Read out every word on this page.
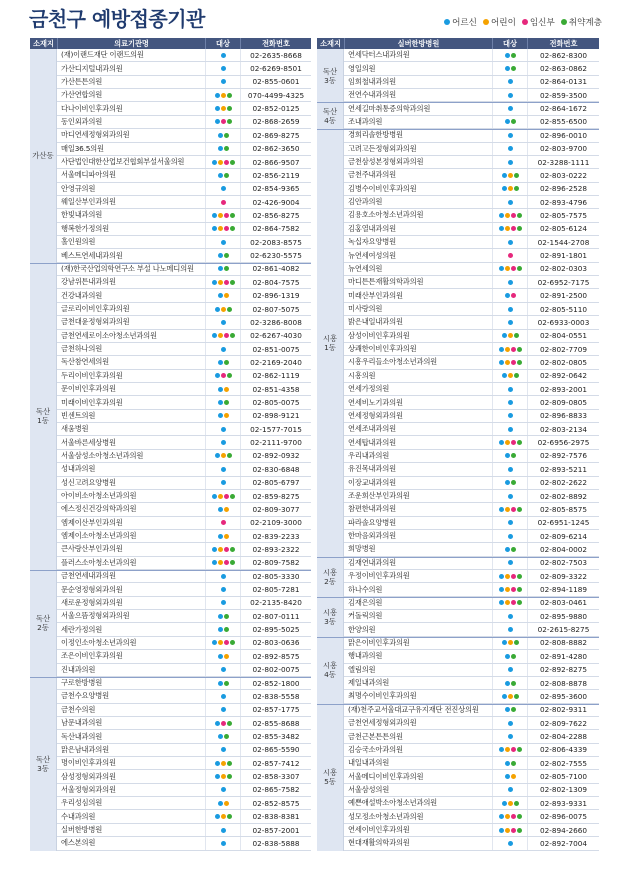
금천구 예방접종기관	어르신 어린이 임신부 취약계층
소재지	의료기관명	대상	전화번호
가산동
(재)이랜드재단 이랜드의원	02-2635-8668
가산디지털내과의원	02-6269-8501
가산튼튼의원	02-855-0601
가산연합의원	070-4499-4325
다나이비인후과의원	02-852-0125
동인외과의원	02-868-2659
마디연세정형외과의원	02-869-8275
매일36.5의원	02-862-3650
사단법인대한산업보건협회부설서울의원	02-866-9507
서울메디파아의원	02-856-2119
안영규의원	02-854-9365
웨일산부인과의원	02-426-9004
한빛내과의원	02-856-8275
행복한가정의원	02-864-7582
홀인원의원	02-2083-8575
베스트연세내과의원	02-6230-5575
독산
1동
(재)한국산업의학연구소 부설 나노메디의원	02-861-4082
강남위튼내과의원	02-804-7575
건강내과의원	02-896-1319
글로리이비인후과의원	02-807-5075
금천대윤정형외과의원	02-3286-8008
금천연세로이소아청소년과의원	02-6267-4030
금천하나의원	02-851-0075
독산참연세의원	02-2169-2040
두리이비인후과의원	02-862-1119
문이비인후과의원	02-851-4358
미래이비인후과의원	02-805-0075
빈센트의원	02-898-9121
새움병원	02-1577-7015
서울바른세상병원	02-2111-9700
서울삼성소아청소년과의원	02-892-0932
성내과의원	02-830-6848
성신고려요양병원	02-805-6797
아이비소아청소년과의원	02-859-8275
에스정신건강의학과의원	02-809-3077
엠제이산부인과의원	02-2109-3000
엠제이소아청소년과의원	02-839-2233
큰사랑산부인과의원	02-893-2322
플러스소아청소년과의원	02-809-7582
독산
2동
금천연세내과의원	02-805-3330
문순영정형외과의원	02-805-7281
새로운정형외과의원	02-2135-8420
서울으뜸정형외과의원	02-807-0111
세란가정의원	02-895-5025
이정인소아청소년과의원	02-803-0636
조은이비인후과의원	02-892-8575
진내과의원	02-802-0075
독산
3동
구로한방병원	02-852-1800
금천수요양병원	02-838-5558
금천수의원	02-857-1775
남문내과의원	02-855-8688
독산내과의원	02-855-3482
맑은남내과의원	02-865-5590
명이비인후과의원	02-857-7412
삼성정형외과의원	02-858-3307
서울정형외과의원	02-865-7582
우리성심의원	02-852-8575
수내과의원	02-838-8381
실버한방병원	02-857-2001
에스본의원	02-838-5888
소재지	실버한방병원	대상	전화번호
독산
3동
연세닥터스내과의원	02-862-8300
영일의원	02-863-0862
임희철내과의원	02-864-0131
전연수내과의원	02-859-3500
독산
4동
연세길마취통증의학과의원	02-864-1672
조내과의원	02-855-6500
시흥
1동
경희리솔한방병원	02-896-0010
고려고든정형외과의원	02-803-9700
금천삼성본정형외과의원	02-3288-1111
금천주내과의원	02-803-0222
김병수이비인후과의원	02-896-2528
김안과의원	02-893-4796
김용호소아청소년과의원	02-805-7575
김홍열내과의원	02-805-6124
녹십자요양병원	02-1544-2708
뉴연세여성의원	02-891-1801
뉴연세의원	02-802-0303
마디튼튼재활의학과의원	02-6952-7175
미래산부인과의원	02-891-2500
미사랑의원	02-805-5110
밝은내일내과의원	02-6933-0003
삼성이비인후과의원	02-804-0551
상쾌한이비인후과의원	02-802-7709
시흥우리들소아청소년과의원	02-802-0805
시흥의원	02-892-0642
연세가정의원	02-893-2001
연세비노기과의원	02-809-0805
연세정형외과의원	02-896-8833
연세조내과의원	02-803-2134
연세탑내과의원	02-6956-2975
우리내과의원	02-892-7576
유진목내과의원	02-893-5211
이장교내과의원	02-802-2622
조운희산부인과의원	02-802-8892
참편한내과의원	02-805-8575
파라솔요양병원	02-6951-1245
한마음외과의원	02-809-6214
희망병원	02-804-0002
시흥
2동
김재연내과의원	02-802-7503
우정이비인후과의원	02-809-3322
하나수의원	02-894-1189
시흥
3동
김재은의원	02-803-0461
커돌릭의원	02-895-9880
한양의원	02-2615-8275
시흥
4동
맑은이비인후과의원	02-808-8882
행내과의원	02-891-4280
엘림의원	02-892-8275
제일내과의원	02-808-8878
최명수이비인후과의원	02-895-3600
시흥
5동
(재)천주교서울대교구유지재단 전진상의원	02-802-9311
금천연세정형외과의원	02-809-7622
금천근본튼튼의원	02-804-2288
김승국소아과의원	02-806-4339
내일내과의원	02-802-7555
서울메디이비인후과의원	02-805-7100
서울삼성의원	02-802-1309
예쁜애설박소아청소년과의원	02-893-9331
성모정소아청소년과의원	02-896-0075
연세이비인후과의원	02-894-2660
현대재활의학과의원	02-892-7004
